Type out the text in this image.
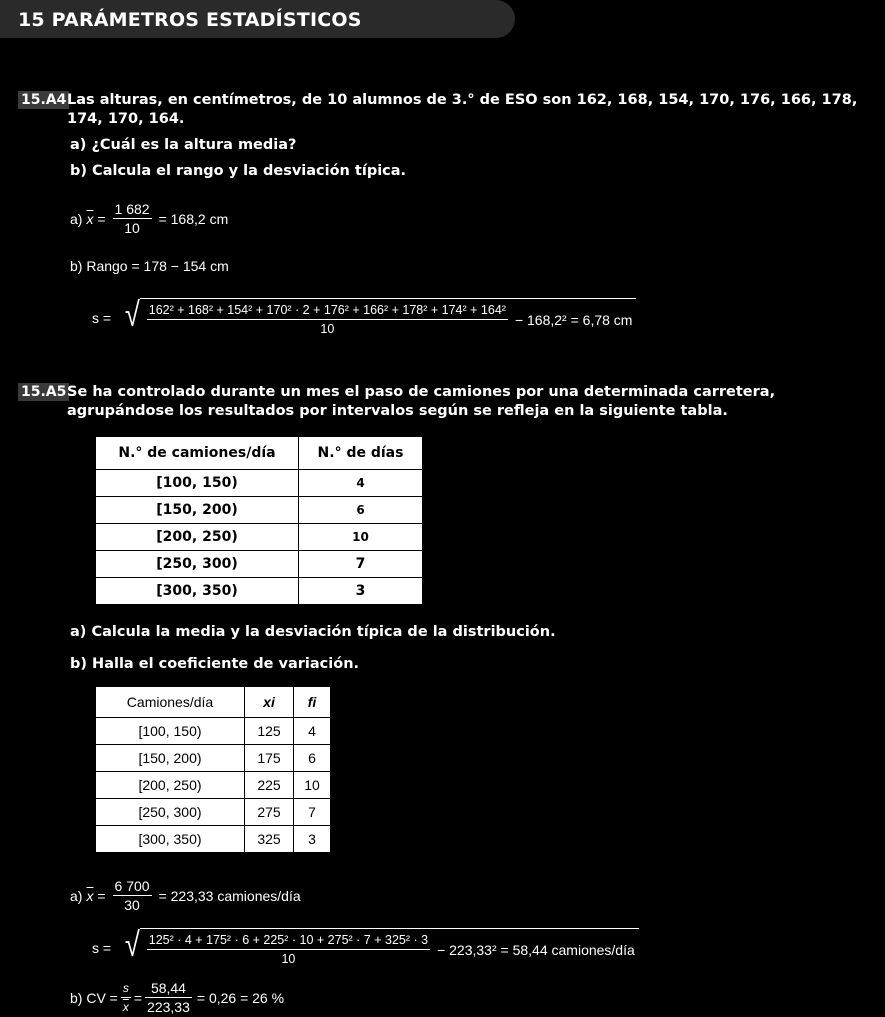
15 PARÁMETROS ESTADÍSTICOS
15.A4 Las alturas, en centímetros, de 10 alumnos de 3.° de ESO son 162, 168, 154, 170, 176, 166, 178, 174, 170, 164.
a) ¿Cuál es la altura media?
b) Calcula el rango y la desviación típica.
a) $\overline{x} = \frac{1 682}{10} = 168,2$ cm
b) Rango = 178 − 154 cm
s = √ 162² + 168² + 154² + 170² · 2 + 176² + 166² + 178² + 174² + 164²
10
− 168,2² = 6,78 cm
15.A5 Se ha controlado durante un mes el paso de camiones por una determinada carretera, agrupándose los resultados por intervalos según se refleja en la siguiente tabla.
N.° de camiones/día	N.° de días
[100, 150)	4
[150, 200)	6
[200, 250)	10
[250, 300)	7
[300, 350)	3
a) Calcula la media y la desviación típica de la distribución.
b) Halla el coeficiente de variación.
Camiones/día	xi	fi
[100, 150)	125	4
[150, 200)	175	6
[200, 250)	225	10
[250, 300)	275	7
[300, 350)	325	3
a) $\overline{x} = \frac{6 700}{30} = 223,33$ camiones/día
s = √ $\frac{\text{125² · 4 + 175² · 6 + 225² · 10 + 275² · 7 + 325² · 3}}{10} - 223,33^2 = 58,44$ camiones/día
b) CV = $\frac{s}{x} = \frac{58,44}{223,33} = 0,26 = 26$ %
